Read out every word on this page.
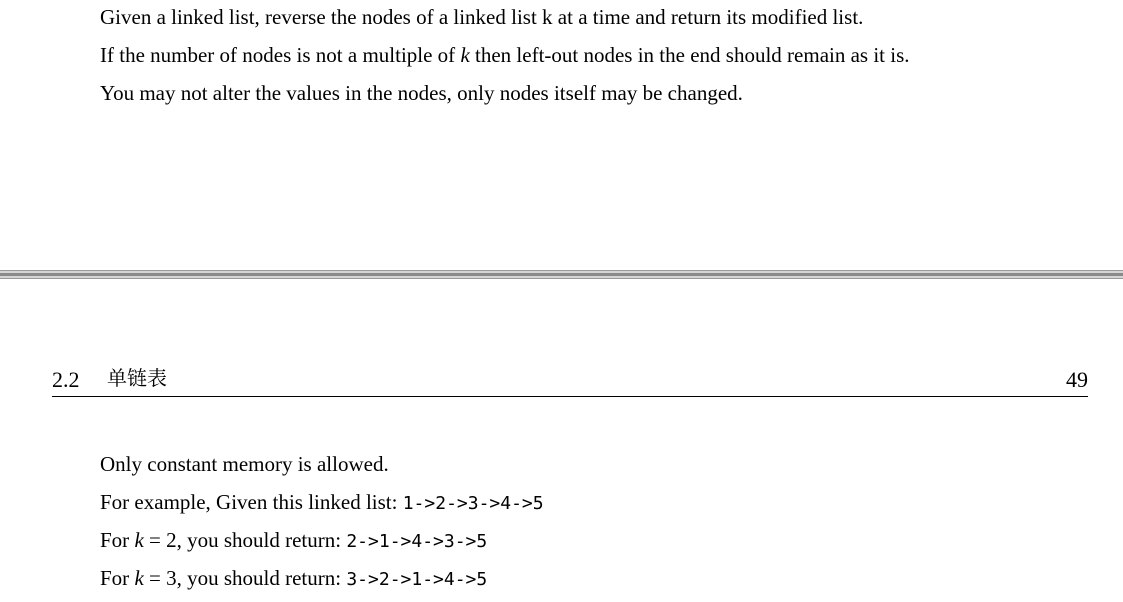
Given a linked list, reverse the nodes of a linked list k at a time and return its modified list.
If the number of nodes is not a multiple of k then left-out nodes in the end should remain as it is.
You may not alter the values in the nodes, only nodes itself may be changed.
2.2 单链表	49
Only constant memory is allowed.
For example, Given this linked list: 1->2->3->4->5
For k = 2, you should return: 2->1->4->3->5
For k = 3, you should return: 3->2->1->4->5
